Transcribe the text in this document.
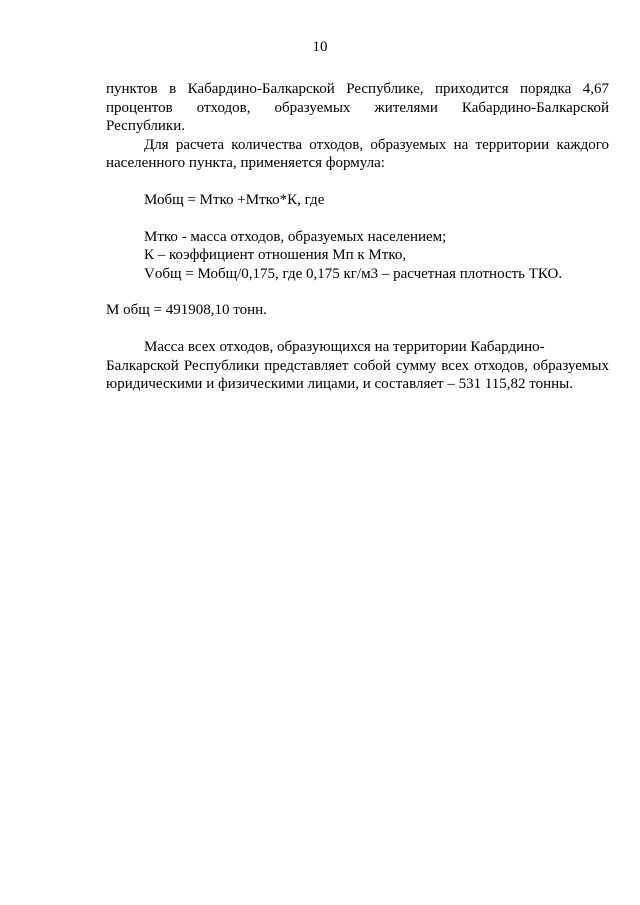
10
пунктов в Кабардино-Балкарской Республике, приходится порядка 4,67
процентов отходов, образуемых жителями Кабардино-Балкарской
Республики.
Для расчета количества отходов, образуемых на территории каждого
населенного пункта, применяется формула:
Мобщ = Мтко +Мтко*К, где
Мтко - масса отходов, образуемых населением;
К – коэффициент отношения Мп к Мтко,
Vобщ = Мобщ/0,175, где 0,175 кг/м3 – расчетная плотность ТКО.
М общ = 491908,10 тонн.
Масса всех отходов, образующихся на территории Кабардино-
Балкарской Республики представляет собой сумму всех отходов, образуемых
юридическими и физическими лицами, и составляет – 531 115,82 тонны.
